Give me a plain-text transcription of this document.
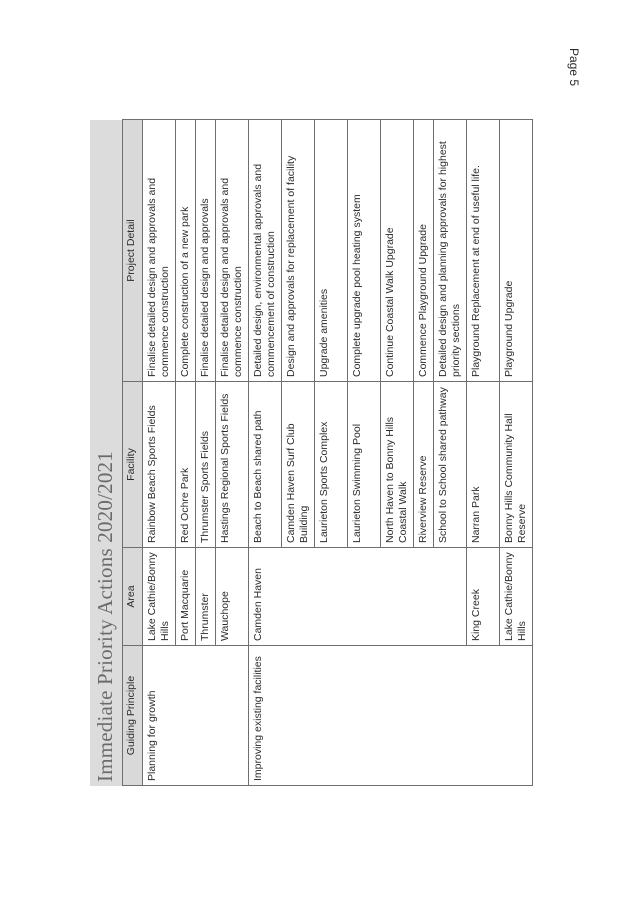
Page 5
Immediate Priority Actions 2020/2021 Guiding Principle	Area	Facility	Project Detail
Planning for growth	Lake Cathie/Bonny Hills	Rainbow Beach Sports Fields	Finalise detailed design and approvals and commence construction
	Port Macquarie	Red Ochre Park	Complete construction of a new park
	Thrumster	Thrumster Sports Fields	Finalise detailed design and approvals
	Wauchope	Hastings Regional Sports Fields	Finalise detailed design and approvals and commence construction
Improving existing facilities	Camden Haven	Beach to Beach shared path	Detailed design, environmental approvals and commencement of construction
		Camden Haven Surf Club Building	Design and approvals for replacement of facility
		Laurieton Sports Complex	Upgrade amenities
		Laurieton Swimming Pool	Complete upgrade pool heating system
		North Haven to Bonny Hills Coastal Walk	Continue Coastal Walk Upgrade
		Riverview Reserve	Commence Playground Upgrade
		School to School shared pathway	Detailed design and planning approvals for highest priority sections
	King Creek	Narran Park	Playground Replacement at end of useful life.
	Lake Cathie/Bonny Hills	Bonny Hills Community Hall Reserve	Playground Upgrade
